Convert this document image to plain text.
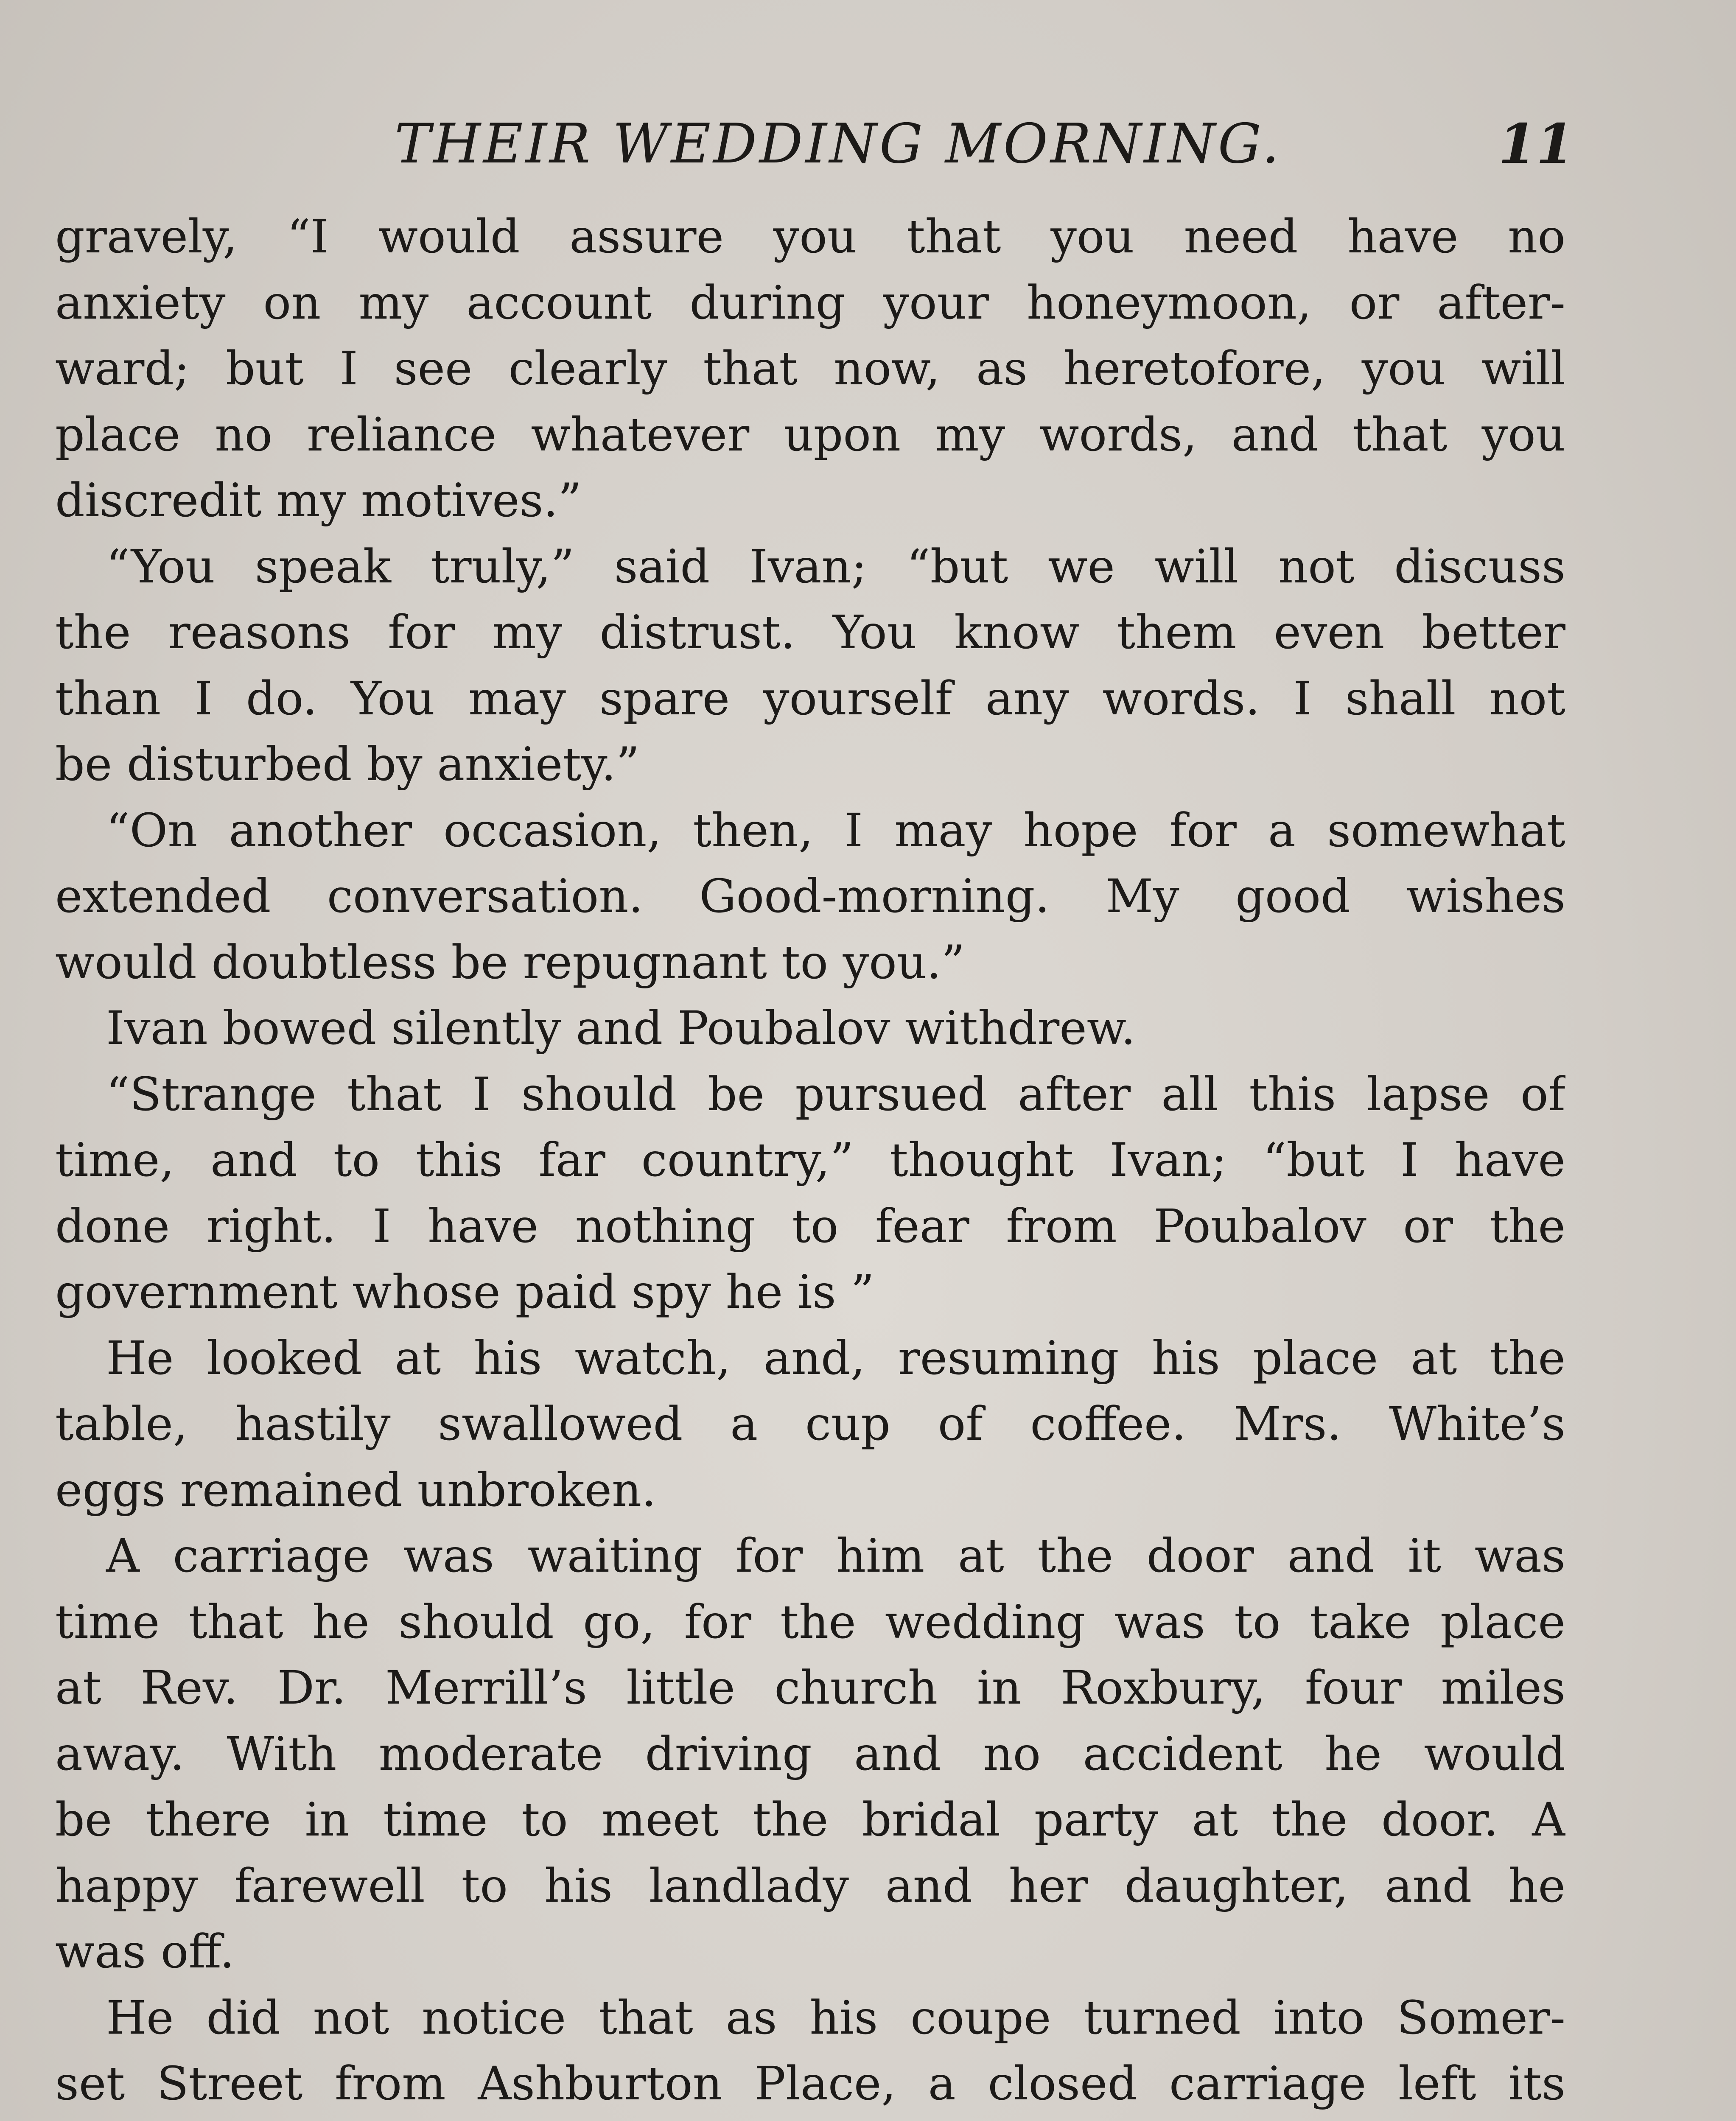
THEIR WEDDING MORNING.	11
gravely, “I would assure you that you need have no
anxiety on my account during your honeymoon, or after-
ward; but I see clearly that now, as heretofore, you will
place no reliance whatever upon my words, and that you
discredit my motives.”
“You speak truly,” said Ivan; “but we will not discuss
the reasons for my distrust. You know them even better
than I do. You may spare yourself any words. I shall not
be disturbed by anxiety.”
“On another occasion, then, I may hope for a somewhat
extended conversation. Good-morning. My good wishes
would doubtless be repugnant to you.”
Ivan bowed silently and Poubalov withdrew.
“Strange that I should be pursued after all this lapse of
time, and to this far country,” thought Ivan; “but I have
done right. I have nothing to fear from Poubalov or the
government whose paid spy he is ”
He looked at his watch, and, resuming his place at the
table, hastily swallowed a cup of coffee. Mrs. White’s
eggs remained unbroken.
A carriage was waiting for him at the door and it was
time that he should go, for the wedding was to take place
at Rev. Dr. Merrill’s little church in Roxbury, four miles
away. With moderate driving and no accident he would
be there in time to meet the bridal party at the door. A
happy farewell to his landlady and her daughter, and he
was off.
He did not notice that as his coupe turned into Somer-
set Street from Ashburton Place, a closed carriage left its
